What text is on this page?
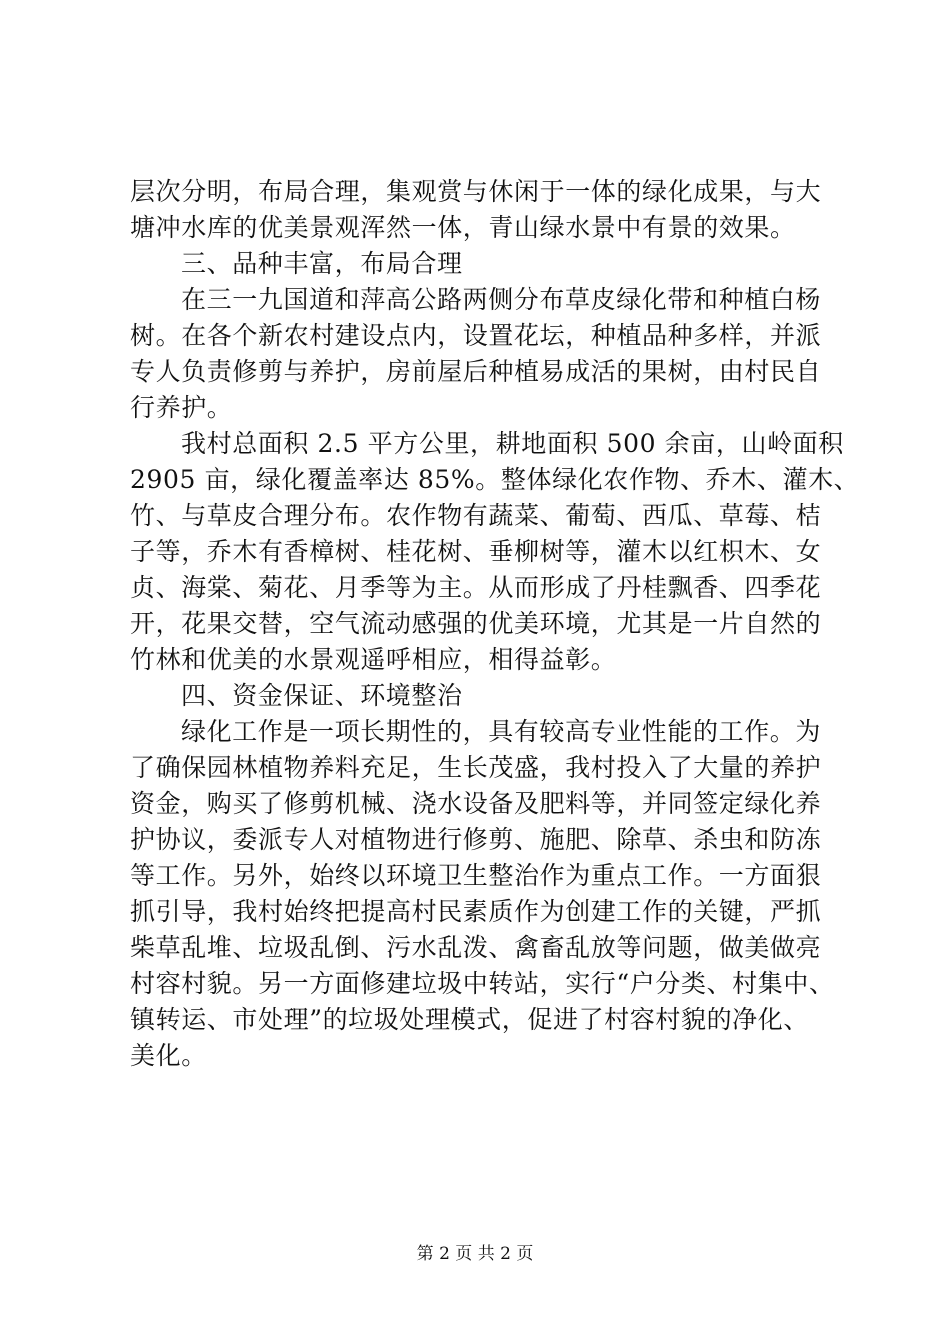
层次分明，布局合理，集观赏与休闲于一体的绿化成果，与大
塘冲水库的优美景观浑然一体，青山绿水景中有景的效果。
三、品种丰富，布局合理
在三一九国道和萍高公路两侧分布草皮绿化带和种植白杨
树。在各个新农村建设点内，设置花坛，种植品种多样，并派
专人负责修剪与养护，房前屋后种植易成活的果树，由村民自
行养护。
我村总面积 2.5 平方公里，耕地面积 500 余亩，山岭面积
2905 亩，绿化覆盖率达 85%。整体绿化农作物、乔木、灌木、
竹、与草皮合理分布。农作物有蔬菜、葡萄、西瓜、草莓、桔
子等，乔木有香樟树、桂花树、垂柳树等，灌木以红枳木、女
贞、海棠、菊花、月季等为主。从而形成了丹桂飘香、四季花
开，花果交替，空气流动感强的优美环境，尤其是一片自然的
竹林和优美的水景观遥呼相应，相得益彰。
四、资金保证、环境整治
绿化工作是一项长期性的，具有较高专业性能的工作。为
了确保园林植物养料充足，生长茂盛，我村投入了大量的养护
资金，购买了修剪机械、浇水设备及肥料等，并同签定绿化养
护协议，委派专人对植物进行修剪、施肥、除草、杀虫和防冻
等工作。另外，始终以环境卫生整治作为重点工作。一方面狠
抓引导，我村始终把提高村民素质作为创建工作的关键，严抓
柴草乱堆、垃圾乱倒、污水乱泼、禽畜乱放等问题，做美做亮
村容村貌。另一方面修建垃圾中转站，实行“户分类、村集中、
镇转运、市处理”的垃圾处理模式，促进了村容村貌的净化、
美化。
第 2 页 共 2 页
